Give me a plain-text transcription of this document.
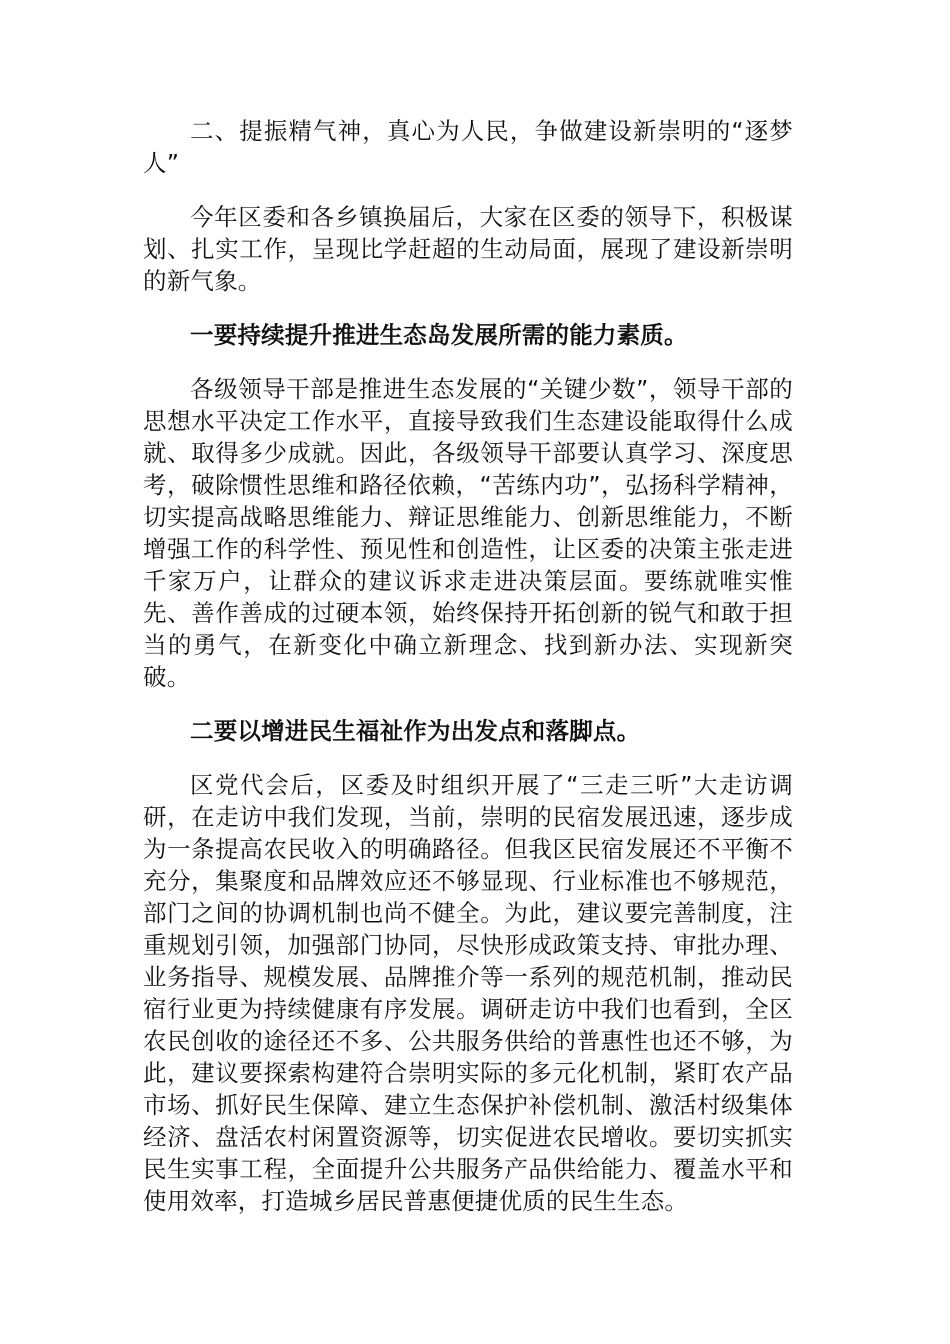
二、提振精气神，真心为人民，争做建设新崇明的“逐梦人”

今年区委和各乡镇换届后，大家在区委的领导下，积极谋划、扎实工作，呈现比学赶超的生动局面，展现了建设新崇明的新气象。

一要持续提升推进生态岛发展所需的能力素质。

各级领导干部是推进生态发展的“关键少数”，领导干部的思想水平决定工作水平，直接导致我们生态建设能取得什么成就、取得多少成就。因此，各级领导干部要认真学习、深度思考，破除惯性思维和路径依赖，“苦练内功”，弘扬科学精神，切实提高战略思维能力、辩证思维能力、创新思维能力，不断增强工作的科学性、预见性和创造性，让区委的决策主张走进千家万户，让群众的建议诉求走进决策层面。要练就唯实惟先、善作善成的过硬本领，始终保持开拓创新的锐气和敢于担当的勇气，在新变化中确立新理念、找到新办法、实现新突破。

二要以增进民生福祉作为出发点和落脚点。

区党代会后，区委及时组织开展了“三走三听”大走访调研，在走访中我们发现，当前，崇明的民宿发展迅速，逐步成为一条提高农民收入的明确路径。但我区民宿发展还不平衡不充分，集聚度和品牌效应还不够显现、行业标准也不够规范，部门之间的协调机制也尚不健全。为此，建议要完善制度，注重规划引领，加强部门协同，尽快形成政策支持、审批办理、业务指导、规模发展、品牌推介等一系列的规范机制，推动民宿行业更为持续健康有序发展。调研走访中我们也看到，全区农民创收的途径还不多、公共服务供给的普惠性也还不够，为此，建议要探索构建符合崇明实际的多元化机制，紧盯农产品市场、抓好民生保障、建立生态保护补偿机制、激活村级集体经济、盘活农村闲置资源等，切实促进农民增收。要切实抓实民生实事工程，全面提升公共服务产品供给能力、覆盖水平和使用效率，打造城乡居民普惠便捷优质的民生生态。
